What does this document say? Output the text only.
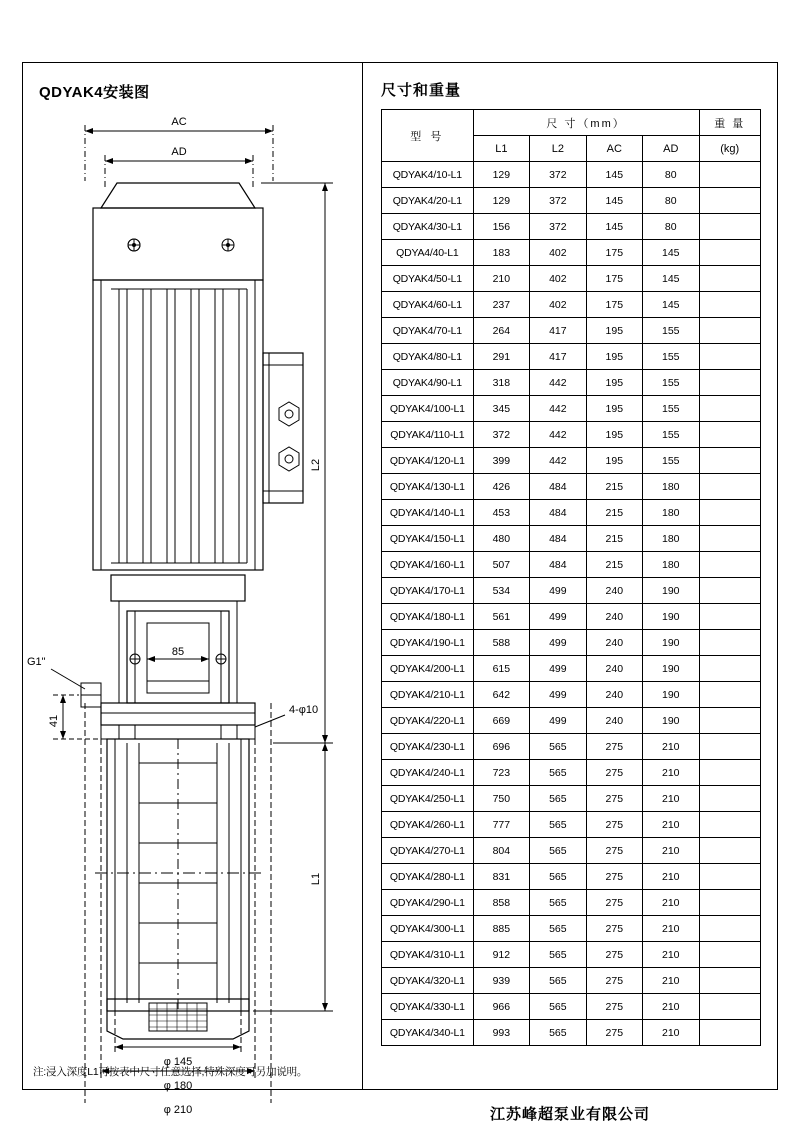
QDYAK4安装图
AC
AD
L2
L1
85
G1"
41
4-φ10
φ 145
φ 180
φ 210
注:浸入深度L1可按表中尺寸任意选择,特殊深度可另加说明。
尺寸和重量
型 号	尺 寸（mm）				重 量
	L1	L2	AC	AD	(kg)
QDYAK4/10-L1	129	372	145	80	
QDYAK4/20-L1	129	372	145	80	
QDYAK4/30-L1	156	372	145	80	
QDYA4/40-L1	183	402	175	145	
QDYAK4/50-L1	210	402	175	145	
QDYAK4/60-L1	237	402	175	145	
QDYAK4/70-L1	264	417	195	155	
QDYAK4/80-L1	291	417	195	155	
QDYAK4/90-L1	318	442	195	155	
QDYAK4/100-L1	345	442	195	155	
QDYAK4/110-L1	372	442	195	155	
QDYAK4/120-L1	399	442	195	155	
QDYAK4/130-L1	426	484	215	180	
QDYAK4/140-L1	453	484	215	180	
QDYAK4/150-L1	480	484	215	180	
QDYAK4/160-L1	507	484	215	180	
QDYAK4/170-L1	534	499	240	190	
QDYAK4/180-L1	561	499	240	190	
QDYAK4/190-L1	588	499	240	190	
QDYAK4/200-L1	615	499	240	190	
QDYAK4/210-L1	642	499	240	190	
QDYAK4/220-L1	669	499	240	190	
QDYAK4/230-L1	696	565	275	210	
QDYAK4/240-L1	723	565	275	210	
QDYAK4/250-L1	750	565	275	210	
QDYAK4/260-L1	777	565	275	210	
QDYAK4/270-L1	804	565	275	210	
QDYAK4/280-L1	831	565	275	210	
QDYAK4/290-L1	858	565	275	210	
QDYAK4/300-L1	885	565	275	210	
QDYAK4/310-L1	912	565	275	210	
QDYAK4/320-L1	939	565	275	210	
QDYAK4/330-L1	966	565	275	210	
QDYAK4/340-L1	993	565	275	210	
江苏峰超泵业有限公司
